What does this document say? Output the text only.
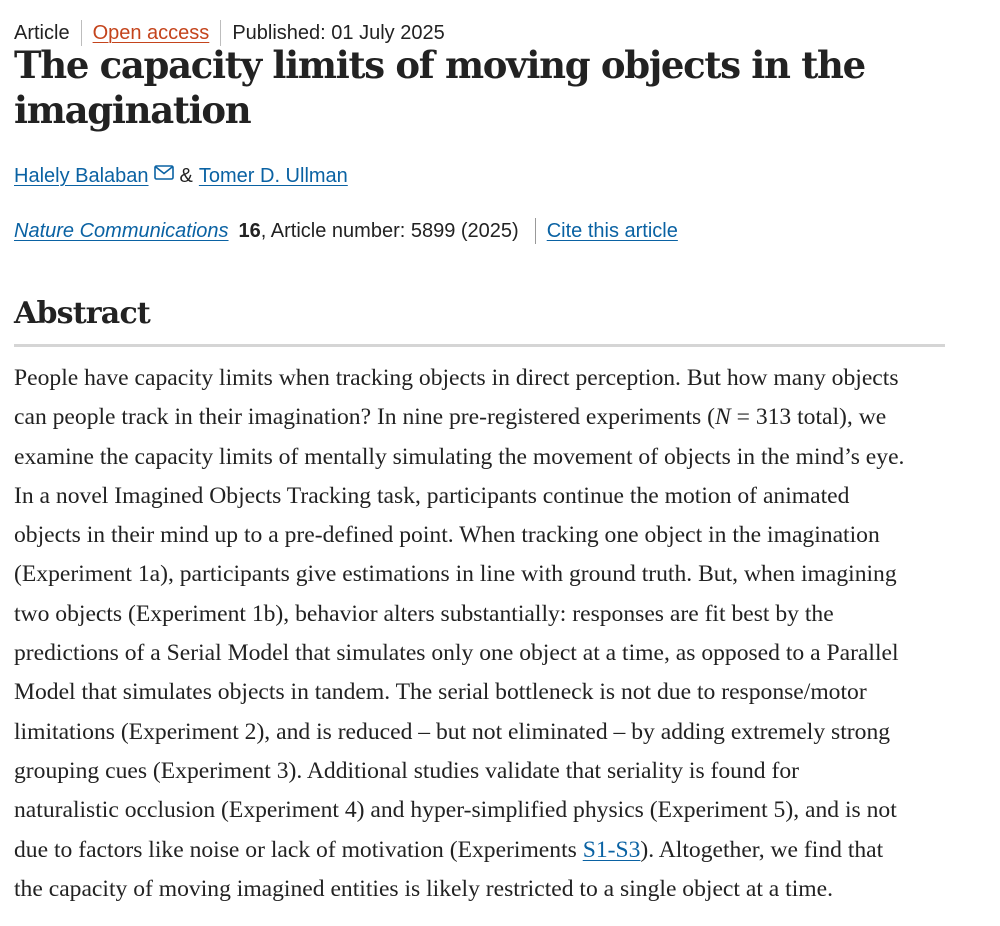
Article Open access Published: 01 July 2025
The capacity limits of moving objects in the
imagination
Halely Balaban & Tomer D. Ullman
Nature Communications 16 , Article number: 5899 (2025) Cite this article
Abstract
People have capacity limits when tracking objects in direct perception. But how many objects
can people track in their imagination? In nine pre-registered experiments (N = 313 total), we
examine the capacity limits of mentally simulating the movement of objects in the mind’s eye.
In a novel Imagined Objects Tracking task, participants continue the motion of animated
objects in their mind up to a pre-defined point. When tracking one object in the imagination
(Experiment 1a), participants give estimations in line with ground truth. But, when imagining
two objects (Experiment 1b), behavior alters substantially: responses are fit best by the
predictions of a Serial Model that simulates only one object at a time, as opposed to a Parallel
Model that simulates objects in tandem. The serial bottleneck is not due to response/motor
limitations (Experiment 2), and is reduced – but not eliminated – by adding extremely strong
grouping cues (Experiment 3). Additional studies validate that seriality is found for
naturalistic occlusion (Experiment 4) and hyper-simplified physics (Experiment 5), and is not
due to factors like noise or lack of motivation (Experiments S1-S3). Altogether, we find that
the capacity of moving imagined entities is likely restricted to a single object at a time.
